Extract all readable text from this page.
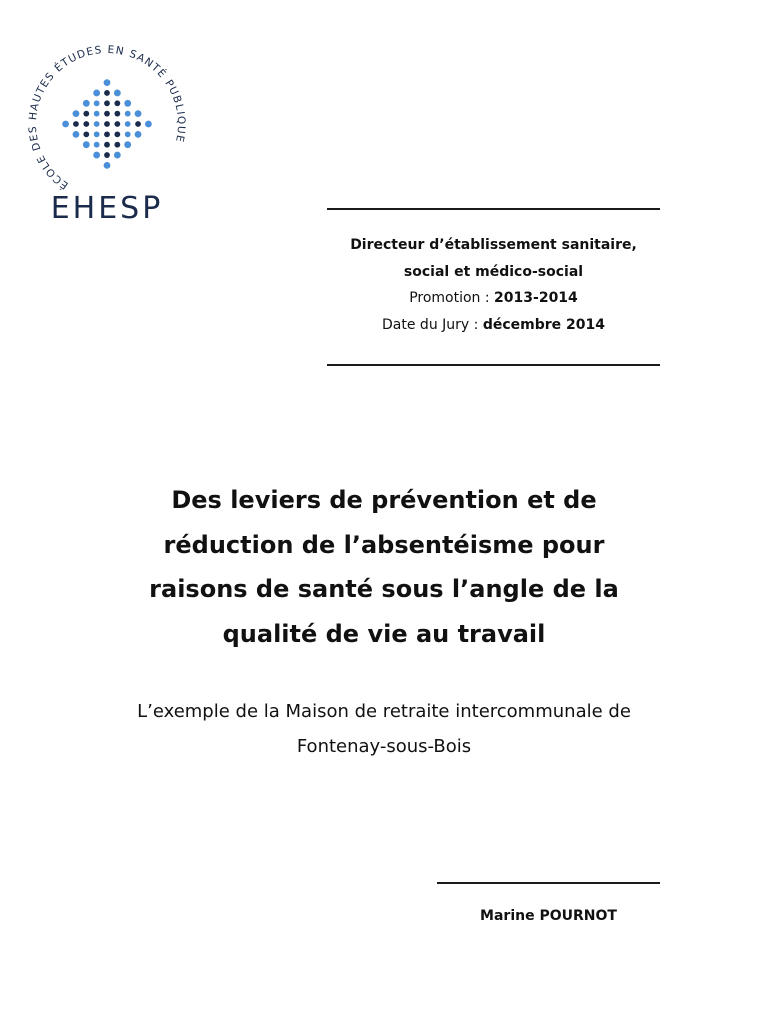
ÉCOLE DES HAUTES ÉTUDES EN SANTÉ PUBLIQUE
EHESP
Directeur d’établissement sanitaire,
social et médico-social
Promotion : 2013-2014
Date du Jury : décembre 2014
Des leviers de prévention et de
réduction de l’absentéisme pour
raisons de santé sous l’angle de la
qualité de vie au travail
L’exemple de la Maison de retraite intercommunale de
Fontenay-sous-Bois
Marine POURNOT
